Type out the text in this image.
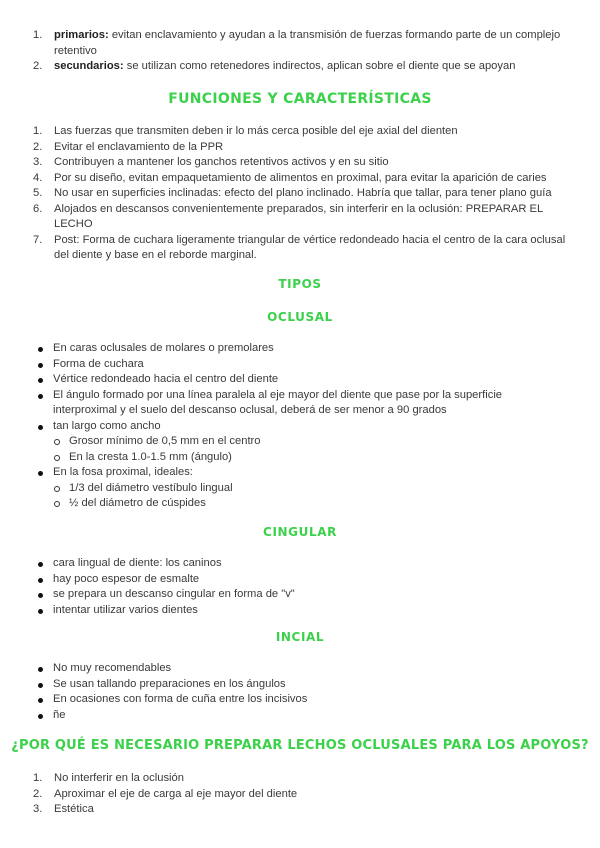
1.	primarios: evitan enclavamiento y ayudan a la transmisión de fuerzas formando parte de un complejo retentivo
2.	secundarios: se utilizan como retenedores indirectos, aplican sobre el diente que se apoyan
FUNCIONES Y CARACTERÍSTICAS
1.	Las fuerzas que transmiten deben ir lo más cerca posible del eje axial del dienten
2.	Evitar el enclavamiento de la PPR
3.	Contribuyen a mantener los ganchos retentivos activos y en su sitio
4.	Por su diseño, evitan empaquetamiento de alimentos en proximal, para evitar la aparición de caries
5.	No usar en superficies inclinadas: efecto del plano inclinado. Habría que tallar, para tener plano guía
6.	Alojados en descansos convenientemente preparados, sin interferir en la oclusión: PREPARAR EL LECHO
7.	Post: Forma de cuchara ligeramente triangular de vértice redondeado hacia el centro de la cara oclusal del diente y base en el reborde marginal.
TIPOS
OCLUSAL
En caras oclusales de molares o premolares
Forma de cuchara
Vértice redondeado hacia el centro del diente
El ángulo formado por una línea paralela al eje mayor del diente que pase por la superficie interproximal y el suelo del descanso oclusal, deberá de ser menor a 90 grados
tan largo como ancho
Grosor mínimo de 0,5 mm en el centro
En la cresta 1.0-1.5 mm (ángulo)
En la fosa proximal, ideales:
1/3 del diámetro vestíbulo lingual
½ del diámetro de cúspides
CINGULAR
cara lingual de diente: los caninos
hay poco espesor de esmalte
se prepara un descanso cingular en forma de "v"
intentar utilizar varios dientes
INCIAL
No muy recomendables
Se usan tallando preparaciones en los ángulos
En ocasiones con forma de cuña entre los incisivos
ñe
¿POR QUÉ ES NECESARIO PREPARAR LECHOS OCLUSALES PARA LOS APOYOS?
1.	No interferir en la oclusión
2.	Aproximar el eje de carga al eje mayor del diente
3.	Estética
